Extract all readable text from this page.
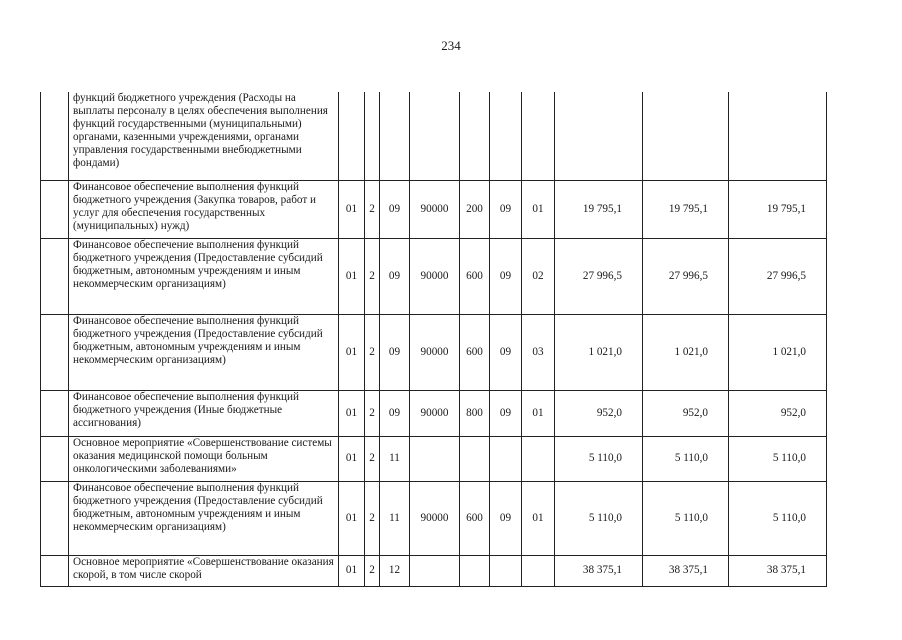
234
	функций бюджетного учреждения (Расходы на выплаты персоналу в целях обеспечения выполнения функций государственными (муниципальными) органами, казенными учреждениями, органами управления государственными внебюджетными фондами)										
	Финансовое обеспечение выполнения функций бюджетного учреждения (Закупка товаров, работ и услуг для обеспечения государственных (муниципальных) нужд)	01	2	09	90000	200	09	01	19 795,1	19 795,1	19 795,1
	Финансовое обеспечение выполнения функций бюджетного учреждения (Предоставление субсидий бюджетным, автономным учреждениям и иным некоммерческим организациям)	01	2	09	90000	600	09	02	27 996,5	27 996,5	27 996,5
	Финансовое обеспечение выполнения функций бюджетного учреждения (Предоставление субсидий бюджетным, автономным учреждениям и иным некоммерческим организациям)	01	2	09	90000	600	09	03	1 021,0	1 021,0	1 021,0
	Финансовое обеспечение выполнения функций бюджетного учреждения (Иные бюджетные ассигнования)	01	2	09	90000	800	09	01	952,0	952,0	952,0
	Основное мероприятие «Совершенствование системы оказания медицинской помощи больным онкологическими заболеваниями»	01	2	11					5 110,0	5 110,0	5 110,0
	Финансовое обеспечение выполнения функций бюджетного учреждения (Предоставление субсидий бюджетным, автономным учреждениям и иным некоммерческим организациям)	01	2	11	90000	600	09	01	5 110,0	5 110,0	5 110,0
	Основное мероприятие «Совершенствование оказания скорой, в том числе скорой	01	2	12					38 375,1	38 375,1	38 375,1
